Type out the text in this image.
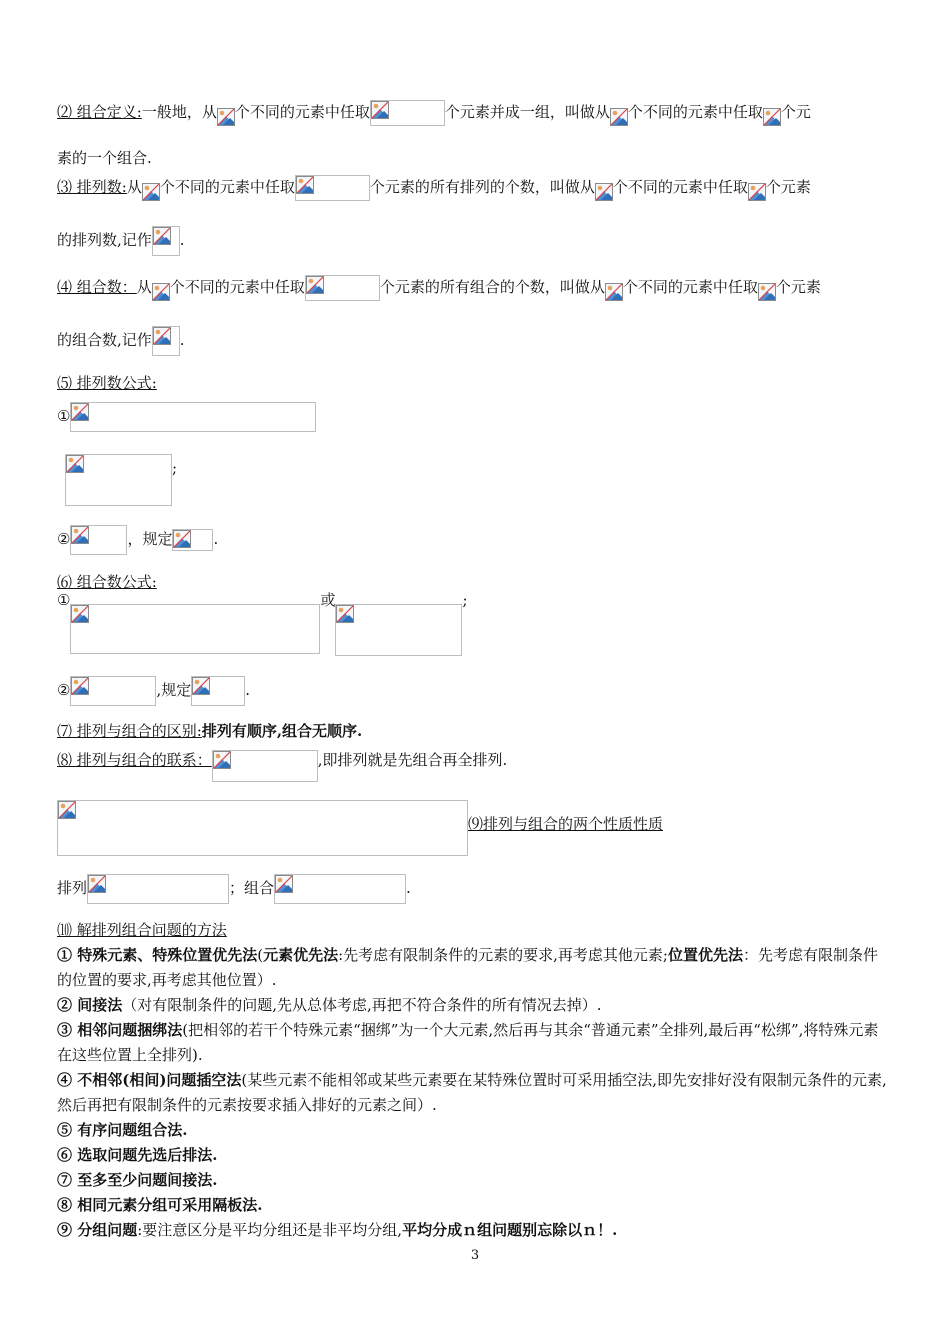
⑵ 组合定义:一般地，从 个不同的元素中任取	个元素并成一组，叫做从 个不同的元素中任取 个元
素的一个组合.
⑶ 排列数:从 个不同的元素中任取	个元素的所有排列的个数，叫做从 个不同的元素中任取 个元素
的排列数,记作 .
⑷ 组合数：从 个不同的元素中任取	个元素的所有组合的个数，叫做从 个不同的元素中任取 个元素
的组合数,记作 .
⑸ 排列数公式:
①
;
②	，规定	.
⑹ 组合数公式:
①	或	;
②	,规定	.
⑺ 排列与组合的区别:排列有顺序,组合无顺序.
⑻ 排列与组合的联系：	,即排列就是先组合再全排列.
⑼排列与组合的两个性质性质
排列	；组合	.
⑽ 解排列组合问题的方法
① 特殊元素、特殊位置优先法(元素优先法:先考虑有限制条件的元素的要求,再考虑其他元素;位置优先法：先考虑有限制条件的位置的要求,再考虑其他位置）.
② 间接法（对有限制条件的问题,先从总体考虑,再把不符合条件的所有情况去掉）.
③ 相邻问题捆绑法(把相邻的若干个特殊元素“捆绑”为一个大元素,然后再与其余“普通元素”全排列,最后再“松绑”,将特殊元素在这些位置上全排列).
④ 不相邻(相间)问题插空法(某些元素不能相邻或某些元素要在某特殊位置时可采用插空法,即先安排好没有限制元条件的元素,然后再把有限制条件的元素按要求插入排好的元素之间）.
⑤ 有序问题组合法.
⑥ 选取问题先选后排法.
⑦ 至多至少问题间接法.
⑧ 相同元素分组可采用隔板法.
⑨ 分组问题:要注意区分是平均分组还是非平均分组,平均分成ｎ组问题别忘除以ｎ！.
3
